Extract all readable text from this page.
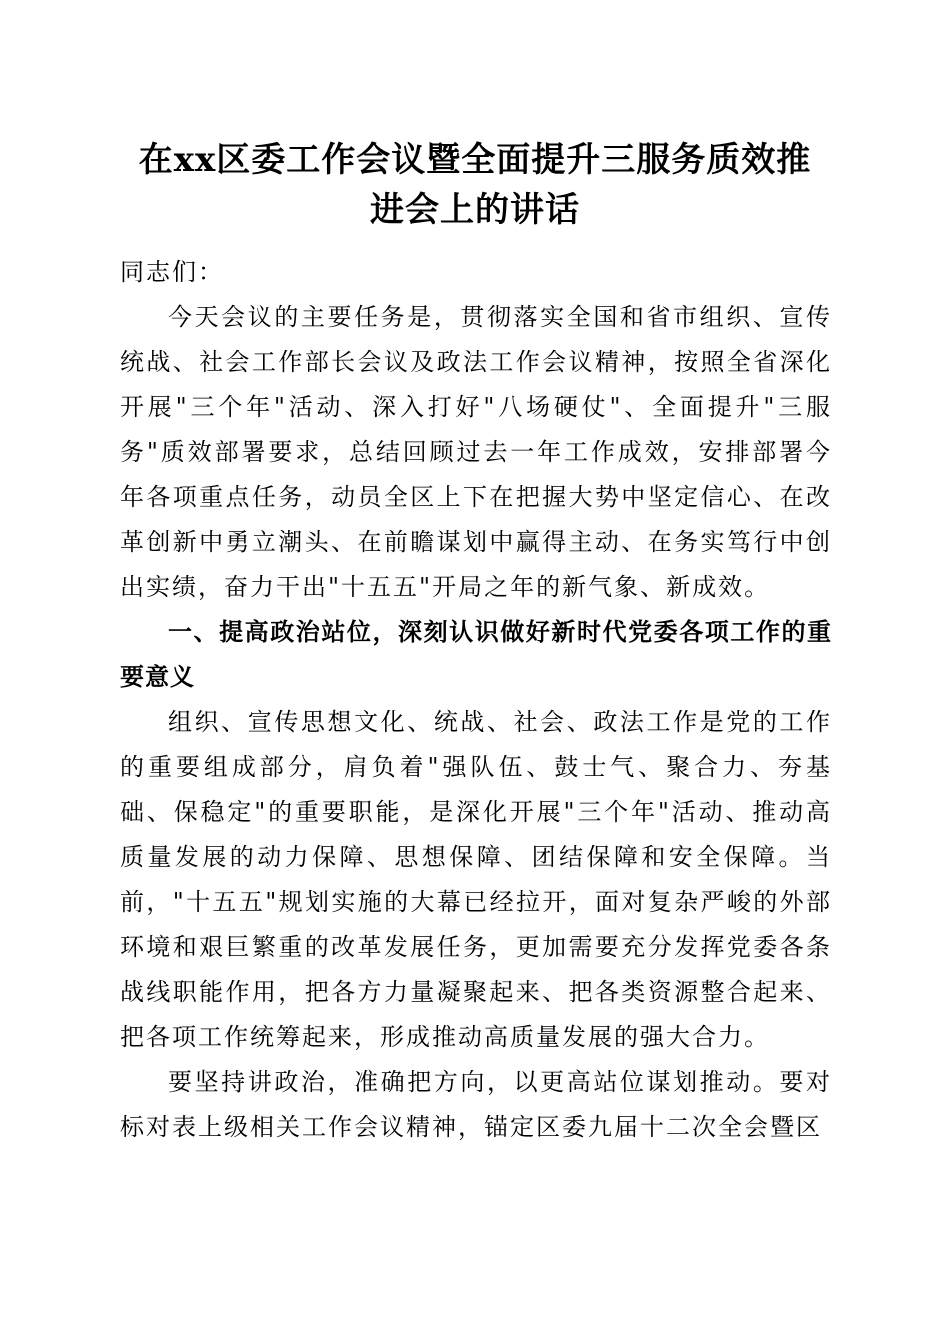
在xx区委工作会议暨全面提升三服务质效推
进会上的讲话

同志们：

今天会议的主要任务是，贯彻落实全国和省市组织、宣传统战、社会工作部长会议及政法工作会议精神，按照全省深化开展"三个年"活动、深入打好"八场硬仗"、全面提升"三服务"质效部署要求，总结回顾过去一年工作成效，安排部署今年各项重点任务，动员全区上下在把握大势中坚定信心、在改革创新中勇立潮头、在前瞻谋划中赢得主动、在务实笃行中创出实绩，奋力干出"十五五"开局之年的新气象、新成效。

一、提高政治站位，深刻认识做好新时代党委各项工作的重要意义

组织、宣传思想文化、统战、社会、政法工作是党的工作的重要组成部分，肩负着"强队伍、鼓士气、聚合力、夯基础、保稳定"的重要职能，是深化开展"三个年"活动、推动高质量发展的动力保障、思想保障、团结保障和安全保障。当前，"十五五"规划实施的大幕已经拉开，面对复杂严峻的外部环境和艰巨繁重的改革发展任务，更加需要充分发挥党委各条战线职能作用，把各方力量凝聚起来、把各类资源整合起来、把各项工作统筹起来，形成推动高质量发展的强大合力。

要坚持讲政治，准确把方向，以更高站位谋划推动。要对标对表上级相关工作会议精神，锚定区委九届十二次全会暨区
